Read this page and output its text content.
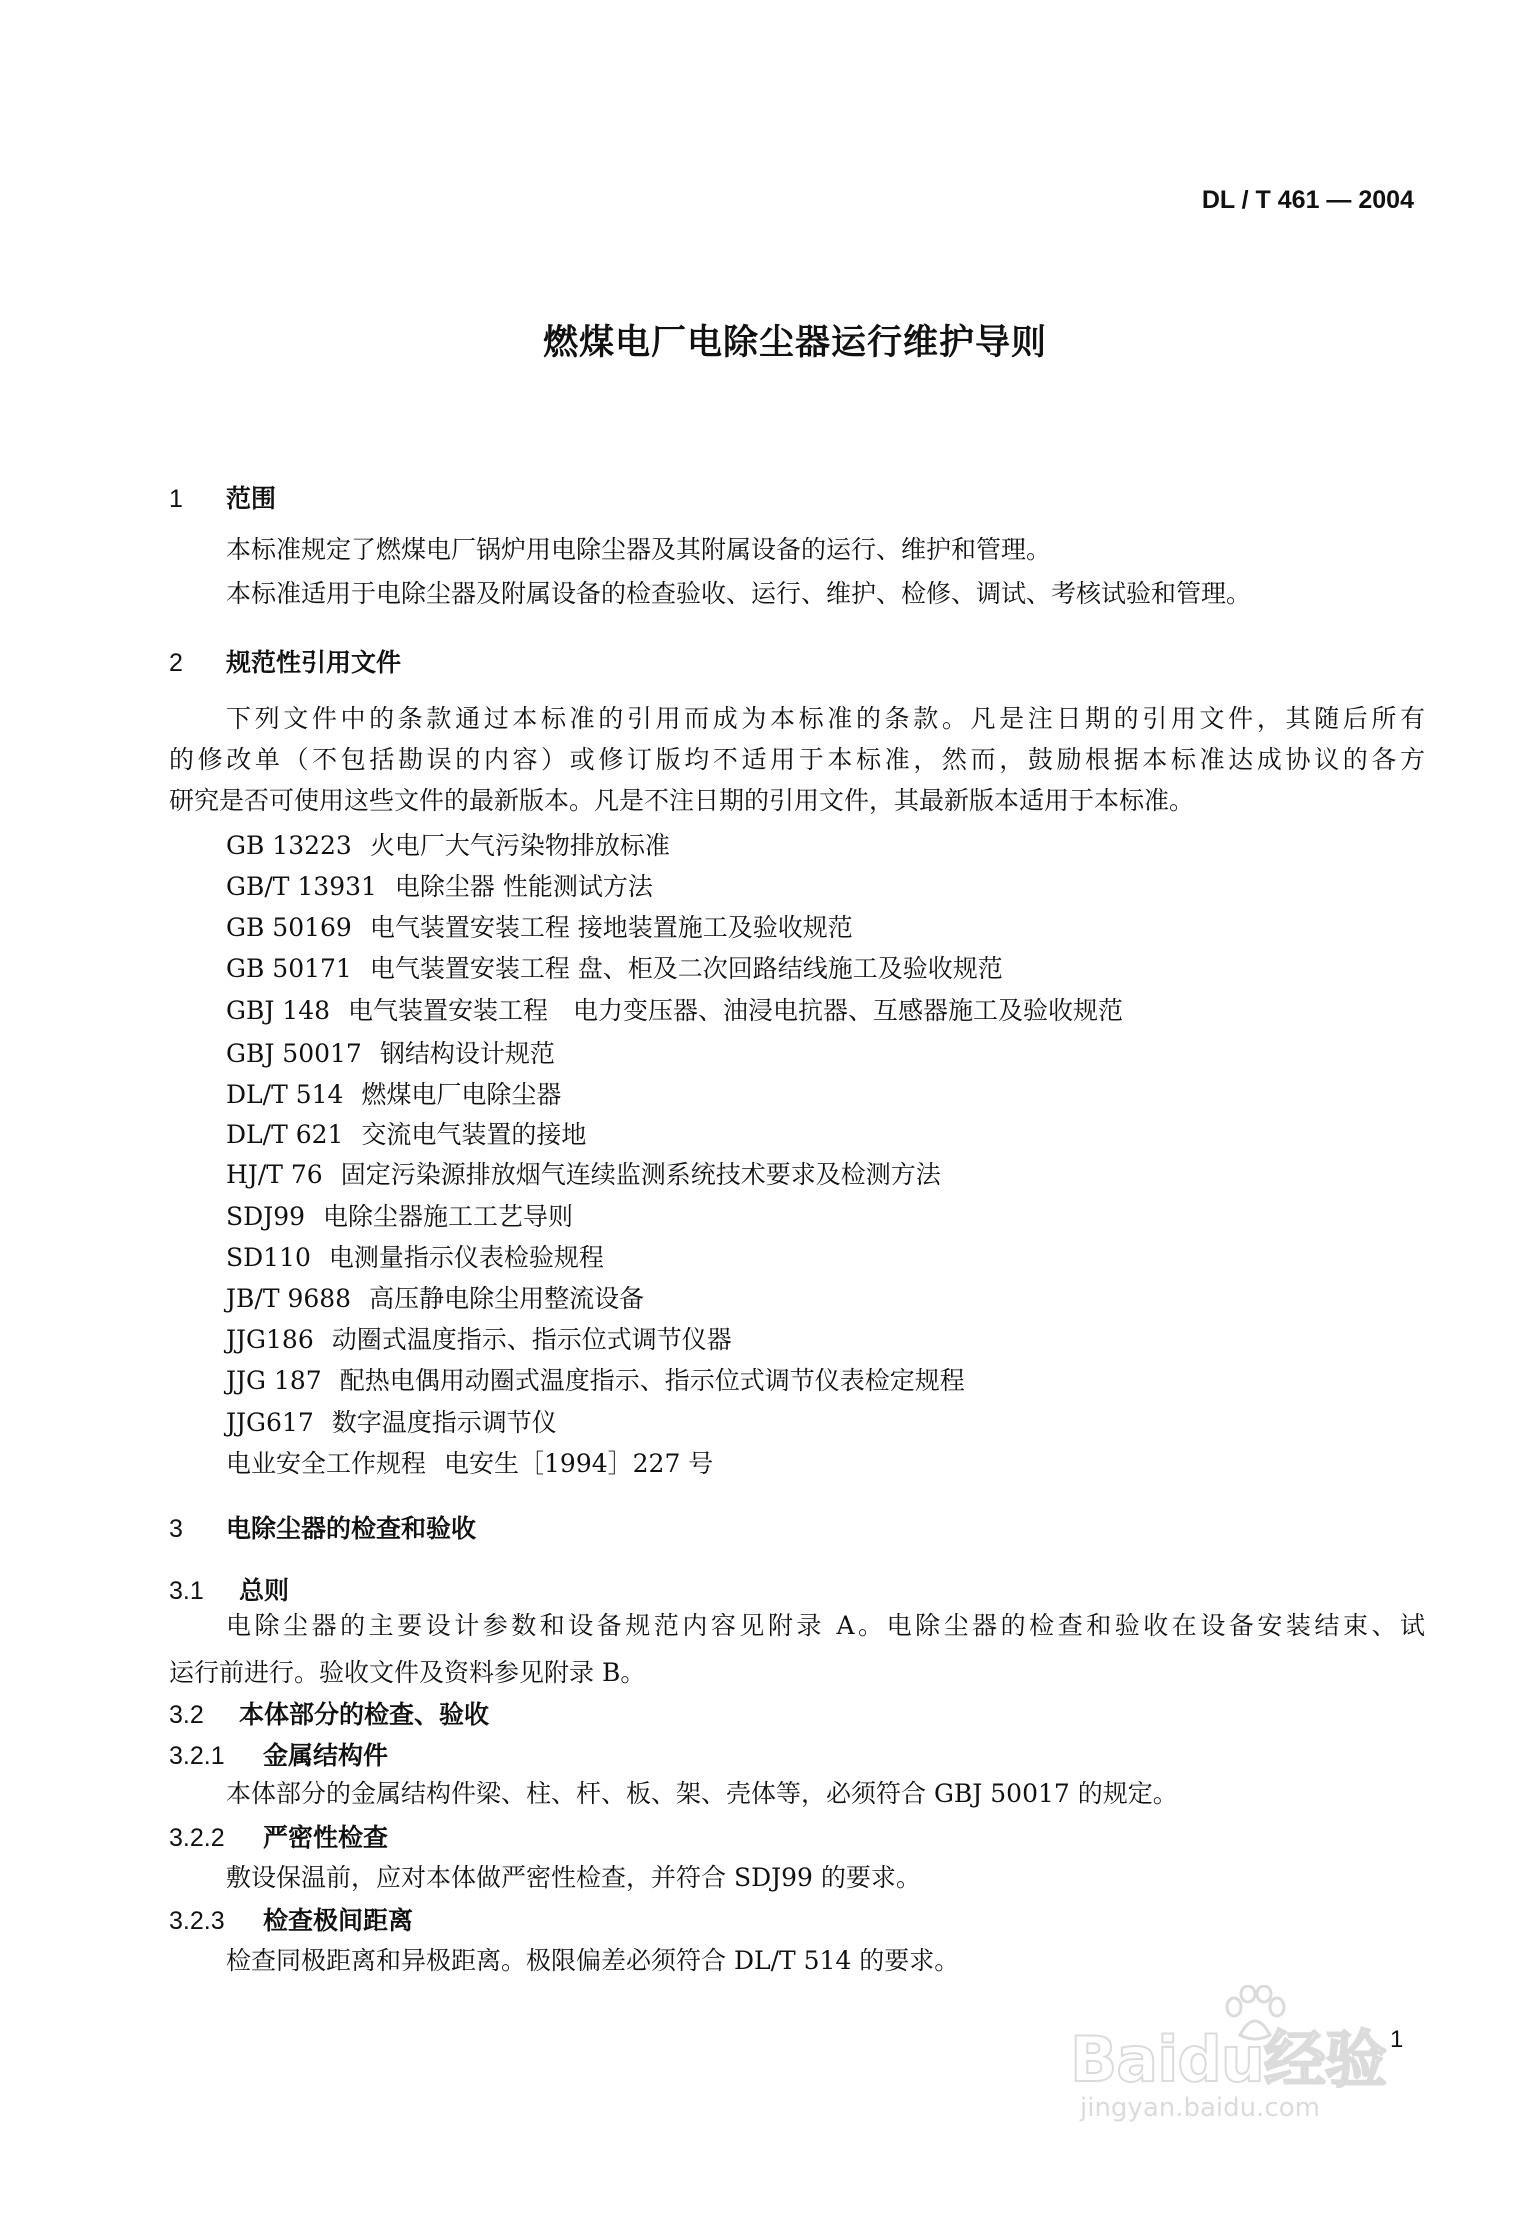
DL / T 461 — 2004
燃煤电厂电除尘器运行维护导则
1 范围
本标准规定了燃煤电厂锅炉用电除尘器及其附属设备的运行、维护和管理。
本标准适用于电除尘器及附属设备的检查验收、运行、维护、检修、调试、考核试验和管理。
2 规范性引用文件
下列文件中的条款通过本标准的引用而成为本标准的条款。凡是注日期的引用文件，其随后所有
的修改单（不包括勘误的内容）或修订版均不适用于本标准，然而，鼓励根据本标准达成协议的各方
研究是否可使用这些文件的最新版本。凡是不注日期的引用文件，其最新版本适用于本标准。
GB 13223 火电厂大气污染物排放标准
GB/T 13931 电除尘器 性能测试方法
GB 50169 电气装置安装工程 接地装置施工及验收规范
GB 50171 电气装置安装工程 盘、柜及二次回路结线施工及验收规范
GBJ 148 电气装置安装工程　电力变压器、油浸电抗器、互感器施工及验收规范
GBJ 50017 钢结构设计规范
DL/T 514 燃煤电厂电除尘器
DL/T 621 交流电气装置的接地
HJ/T 76 固定污染源排放烟气连续监测系统技术要求及检测方法
SDJ99 电除尘器施工工艺导则
SD110 电测量指示仪表检验规程
JB/T 9688 高压静电除尘用整流设备
JJG186 动圈式温度指示、指示位式调节仪器
JJG 187 配热电偶用动圈式温度指示、指示位式调节仪表检定规程
JJG617 数字温度指示调节仪
电业安全工作规程 电安生［1994］227 号
3 电除尘器的检查和验收
3.1 总则
电除尘器的主要设计参数和设备规范内容见附录 A。电除尘器的检查和验收在设备安装结束、试
运行前进行。验收文件及资料参见附录 B。
3.2 本体部分的检查、验收
3.2.1 金属结构件
本体部分的金属结构件梁、柱、杆、板、架、壳体等，必须符合 GBJ 50017 的规定。
3.2.2 严密性检查
敷设保温前，应对本体做严密性检查，并符合 SDJ99 的要求。
3.2.3 检查极间距离
检查同极距离和异极距离。极限偏差必须符合 DL/T 514 的要求。
1
Baidu经验
jingyan.baidu.com
